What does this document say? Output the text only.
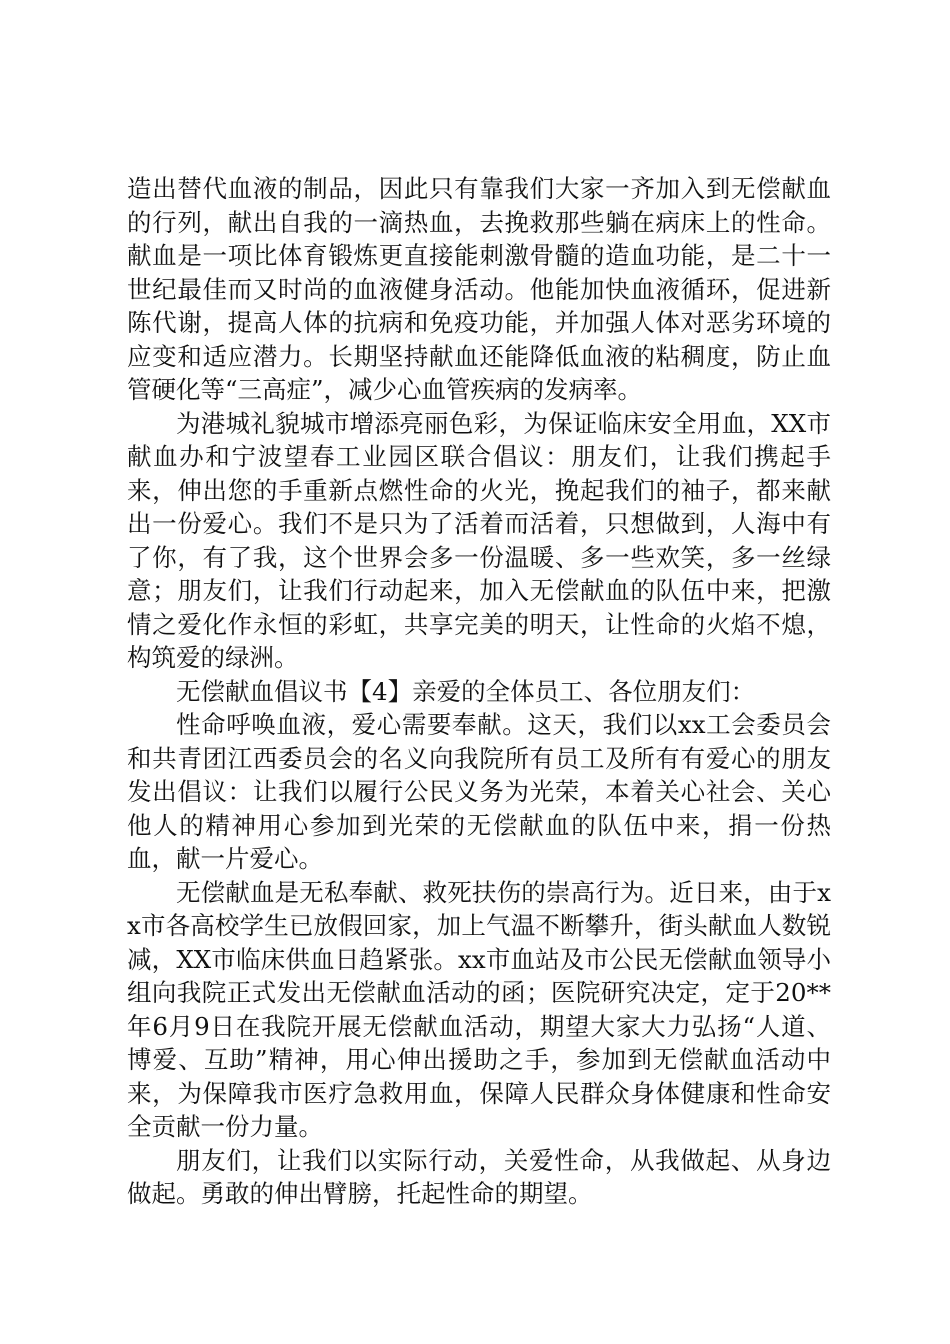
造出替代血液的制品，因此只有靠我们大家一齐加入到无偿献血的行列，献出自我的一滴热血，去挽救那些躺在病床上的性命。献血是一项比体育锻炼更直接能刺激骨髓的造血功能，是二十一世纪最佳而又时尚的血液健身活动。他能加快血液循环，促进新陈代谢，提高人体的抗病和免疫功能，并加强人体对恶劣环境的应变和适应潜力。长期坚持献血还能降低血液的粘稠度，防止血管硬化等“三高症”，减少心血管疾病的发病率。

为港城礼貌城市增添亮丽色彩，为保证临床安全用血，XX市献血办和宁波望春工业园区联合倡议：朋友们，让我们携起手来，伸出您的手重新点燃性命的火光，挽起我们的袖子，都来献出一份爱心。我们不是只为了活着而活着，只想做到，人海中有了你，有了我，这个世界会多一份温暖、多一些欢笑，多一丝绿意；朋友们，让我们行动起来，加入无偿献血的队伍中来，把激情之爱化作永恒的彩虹，共享完美的明天，让性命的火焰不熄，构筑爱的绿洲。

无偿献血倡议书【4】亲爱的全体员工、各位朋友们：

性命呼唤血液，爱心需要奉献。这天，我们以xx工会委员会和共青团江西委员会的名义向我院所有员工及所有有爱心的朋友发出倡议：让我们以履行公民义务为光荣，本着关心社会、关心他人的精神用心参加到光荣的无偿献血的队伍中来，捐一份热血，献一片爱心。

无偿献血是无私奉献、救死扶伤的崇高行为。近日来，由于xx市各高校学生已放假回家，加上气温不断攀升，街头献血人数锐减，XX市临床供血日趋紧张。xx市血站及市公民无偿献血领导小组向我院正式发出无偿献血活动的函；医院研究决定，定于20**年6月9日在我院开展无偿献血活动，期望大家大力弘扬“人道、博爱、互助”精神，用心伸出援助之手，参加到无偿献血活动中来，为保障我市医疗急救用血，保障人民群众身体健康和性命安全贡献一份力量。

朋友们，让我们以实际行动，关爱性命，从我做起、从身边做起。勇敢的伸出臂膀，托起性命的期望。
